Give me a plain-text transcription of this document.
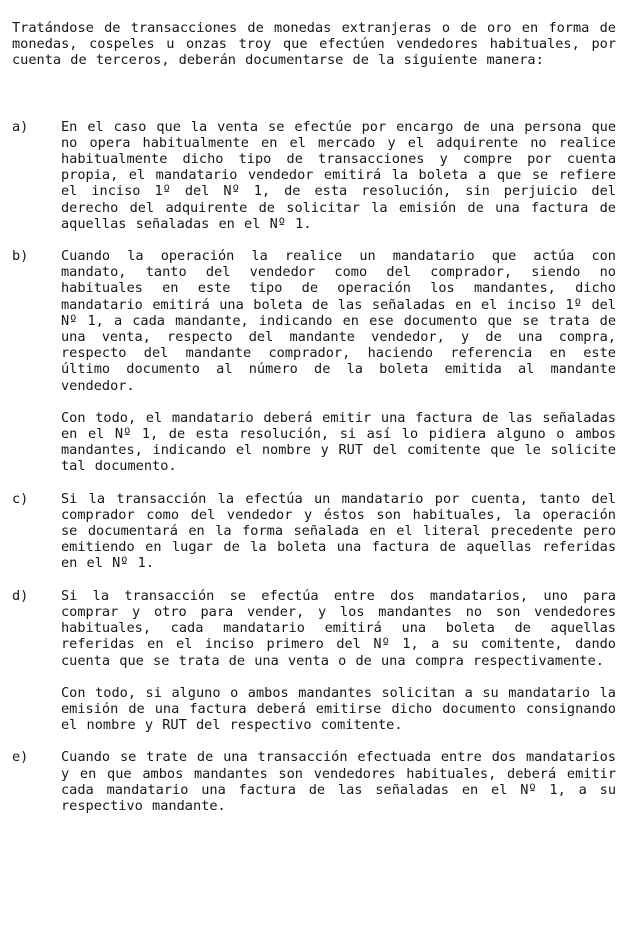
Tratándose de transacciones de monedas extranjeras o de oro en forma de monedas, cospeles u onzas troy que efectúen vendedores habituales, por cuenta de terceros, deberán documentarse de la siguiente manera:

a)	En el caso que la venta se efectúe por encargo de una persona que no opera habitualmente en el mercado y el adquirente no realice habitualmente dicho tipo de transacciones y compre por cuenta propia, el mandatario vendedor emitirá la boleta a que se refiere el inciso 1º del Nº 1, de esta resolución, sin perjuicio del derecho del adquirente de solicitar la emisión de una factura de aquellas señaladas en el Nº 1.

b)	Cuando la operación la realice un mandatario que actúa con mandato, tanto del vendedor como del comprador, siendo no habituales en este tipo de operación los mandantes, dicho mandatario emitirá una boleta de las señaladas en el inciso 1º del Nº 1, a cada mandante, indicando en ese documento que se trata de una venta, respecto del mandante vendedor, y de una compra, respecto del mandante comprador, haciendo referencia en este último documento al número de la boleta emitida al mandante vendedor.

Con todo, el mandatario deberá emitir una factura de las señaladas en el Nº 1, de esta resolución, si así lo pidiera alguno o ambos mandantes, indicando el nombre y RUT del comitente que le solicite tal documento.

c)	Si la transacción la efectúa un mandatario por cuenta, tanto del comprador como del vendedor y éstos son habituales, la operación se documentará en la forma señalada en el literal precedente pero emitiendo en lugar de la boleta una factura de aquellas referidas en el Nº 1.

d)	Si la transacción se efectúa entre dos mandatarios, uno para comprar y otro para vender, y los mandantes no son vendedores habituales, cada mandatario emitirá una boleta de aquellas referidas en el inciso primero del Nº 1, a su comitente, dando cuenta que se trata de una venta o de una compra respectivamente.

Con todo, si alguno o ambos mandantes solicitan a su mandatario la emisión de una factura deberá emitirse dicho documento consignando el nombre y RUT del respectivo comitente.

e)	Cuando se trate de una transacción efectuada entre dos mandatarios y en que ambos mandantes son vendedores habituales, deberá emitir cada mandatario una factura de las señaladas en el Nº 1, a su respectivo mandante.
